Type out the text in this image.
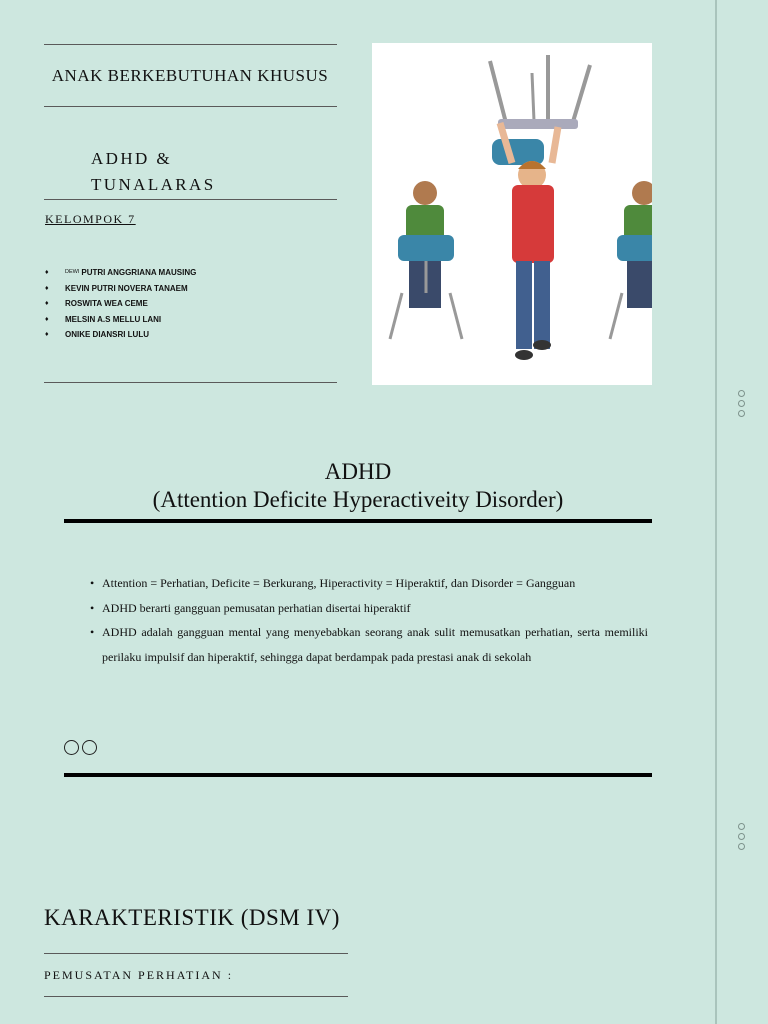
ANAK BERKEBUTUHAN KHUSUS

ADHD &
TUNALARAS

KELOMPOK 7

♦	DEWI PUTRI ANGGRIANA MAUSING
♦	KEVIN PUTRI NOVERA TANAEM
♦	ROSWITA WEA CEME
♦	MELSIN A.S MELLU LANI
♦	ONIKE DIANSRI LULU
ADHD
(Attention Deficite Hyperactiveity Disorder)
• Attention = Perhatian, Deficite = Berkurang, Hiperactivity = Hiperaktif, dan Disorder = Gangguan
• ADHD berarti gangguan pemusatan perhatian disertai hiperaktif
• ADHD adalah gangguan mental yang menyebabkan seorang anak sulit memusatkan perhatian, serta memiliki perilaku impulsif dan hiperaktif, sehingga dapat berdampak pada prestasi anak di sekolah

KARAKTERISTIK (DSM IV)

PEMUSATAN PERHATIAN :
